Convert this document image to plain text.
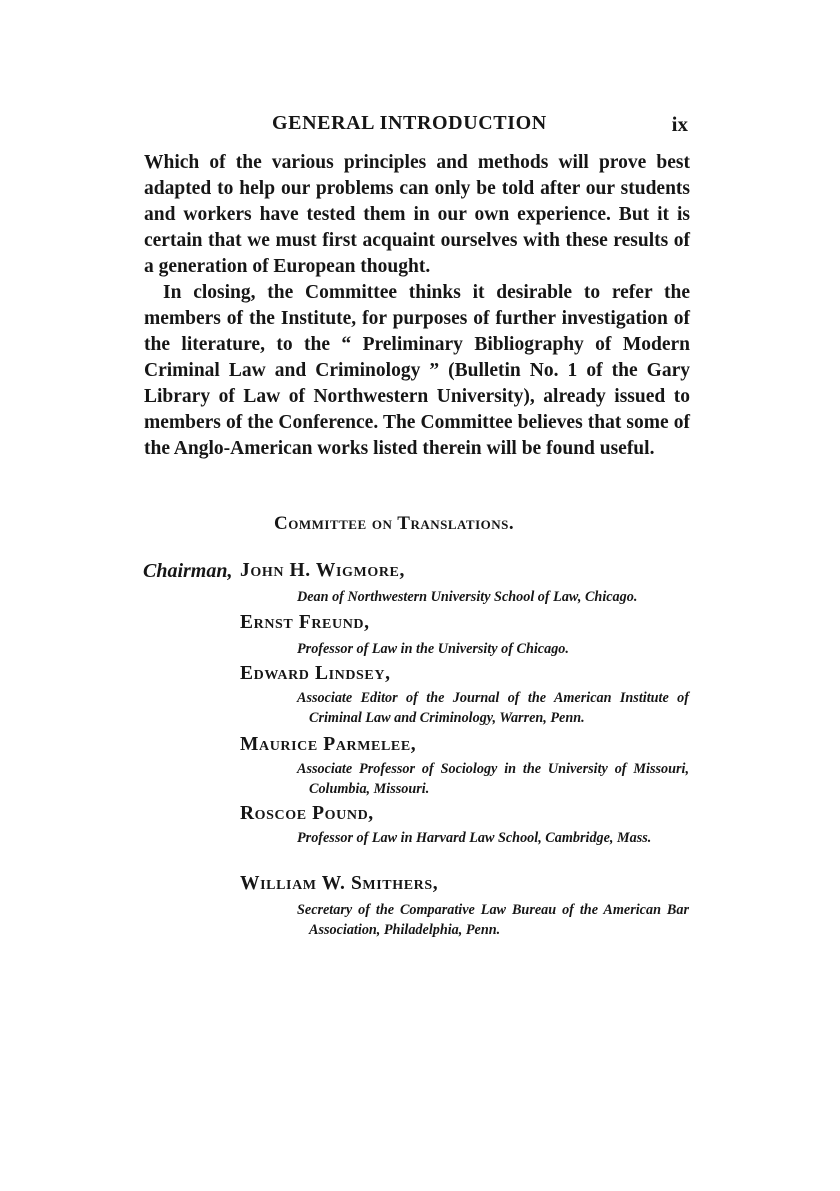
GENERAL INTRODUCTION	ix

Which of the various principles and methods will prove best adapted to help our problems can only be told after our students and workers have tested them in our own experience. But it is certain that we must first acquaint ourselves with these results of a generation of European thought.

In closing, the Committee thinks it desirable to refer the members of the Institute, for purposes of further investigation of the literature, to the “ Preliminary Bibliography of Modern Criminal Law and Criminology ” (Bulletin No. 1 of the Gary Library of Law of Northwestern University), already issued to members of the Conference. The Committee believes that some of the Anglo-American works listed therein will be found useful.

Committee on Translations.
Chairman, John H. Wigmore,
Dean of Northwestern University School of Law, Chicago.
Ernst Freund,
Professor of Law in the University of Chicago.
Edward Lindsey,
Associate Editor of the Journal of the American Institute of Criminal Law and Criminology, Warren, Penn.
Maurice Parmelee,
Associate Professor of Sociology in the University of Missouri, Columbia, Missouri.
Roscoe Pound,
Professor of Law in Harvard Law School, Cambridge, Mass.
William W. Smithers,
Secretary of the Comparative Law Bureau of the American Bar Association, Philadelphia, Penn.
